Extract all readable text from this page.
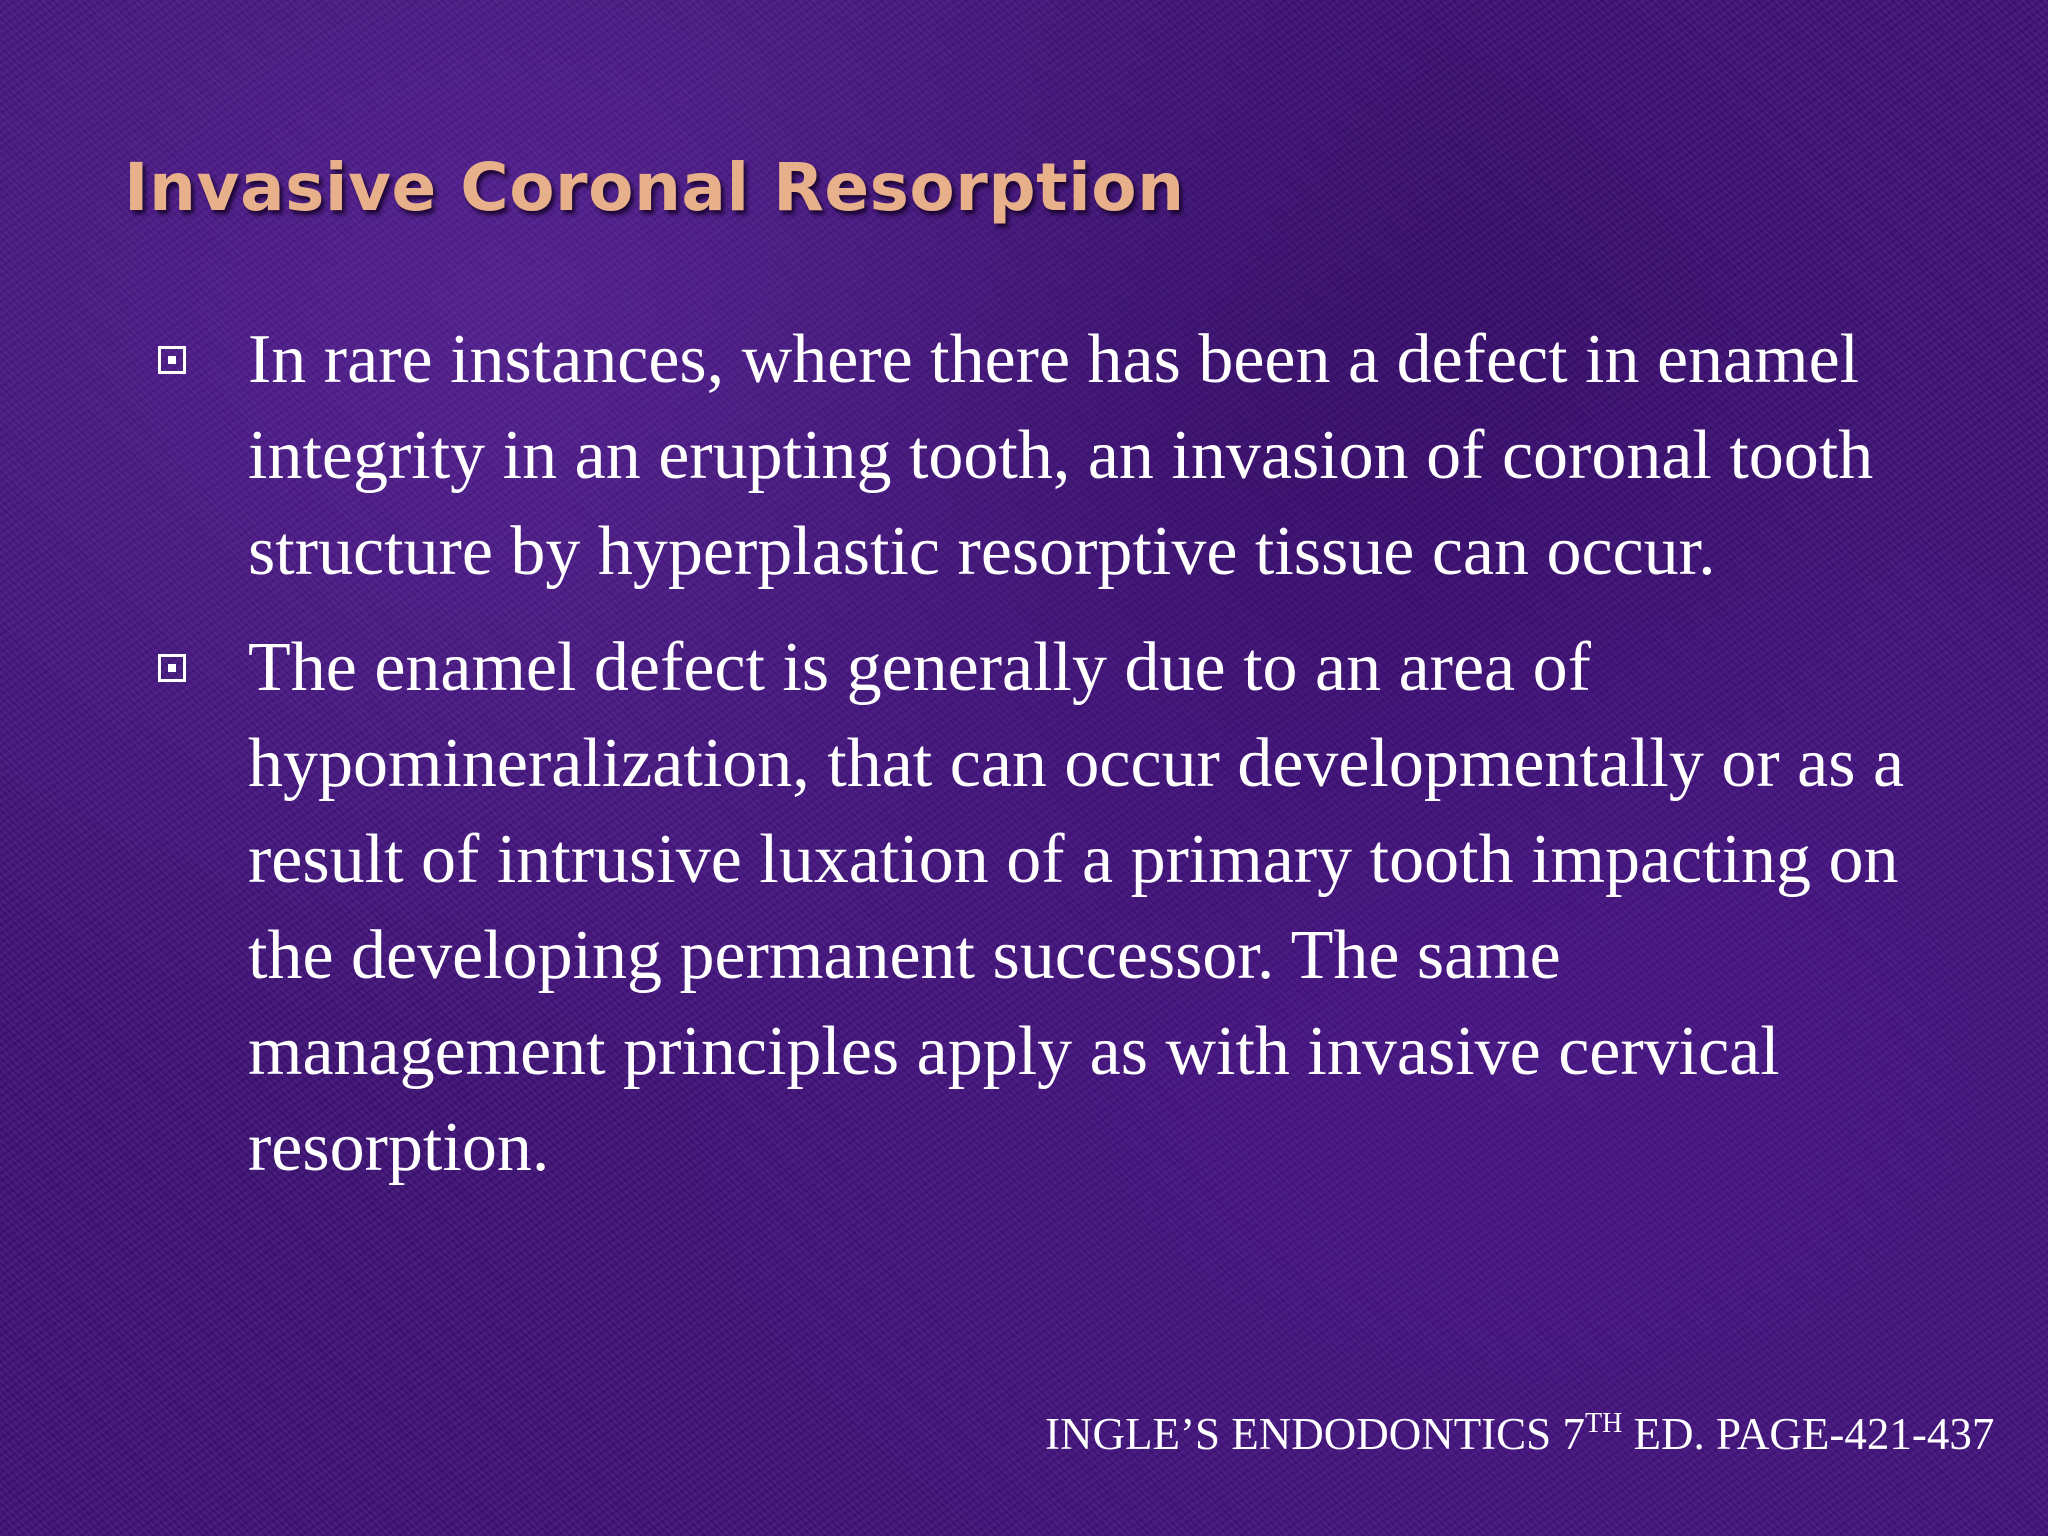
Invasive Coronal Resorption
In rare instances, where there has been a defect in enamel integrity in an erupting tooth, an invasion of coronal tooth structure by hyperplastic resorptive tissue can occur.
The enamel defect is generally due to an area of hypomineralization, that can occur developmentally or as a result of intrusive luxation of a primary tooth impacting on the developing permanent successor. The same management principles apply as with invasive cervical resorption.

INGLE’S ENDODONTICS 7TH ED. PAGE-421-437
